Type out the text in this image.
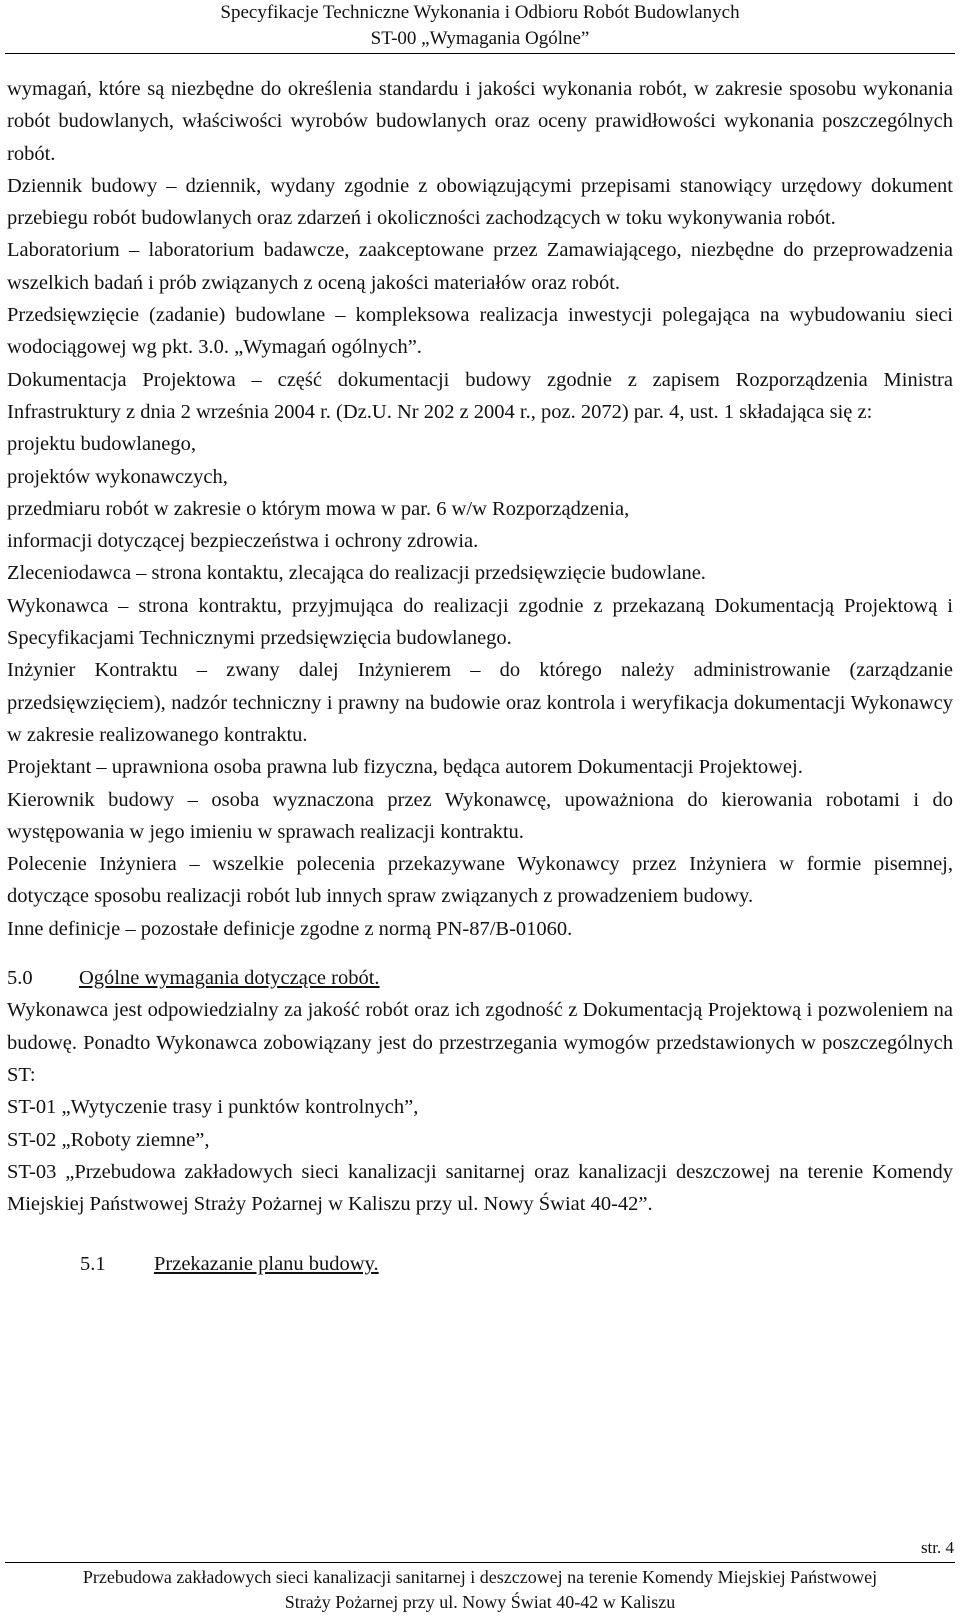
Specyfikacje Techniczne Wykonania i Odbioru Robót Budowlanych
ST-00 „Wymagania Ogólne”

wymagań, które są niezbędne do określenia standardu i jakości wykonania robót, w zakresie sposobu wykonania robót budowlanych, właściwości wyrobów budowlanych oraz oceny prawidłowości wykonania poszczególnych robót.

Dziennik budowy – dziennik, wydany zgodnie z obowiązującymi przepisami stanowiący urzędowy dokument przebiegu robót budowlanych oraz zdarzeń i okoliczności zachodzących w toku wykonywania robót.

Laboratorium – laboratorium badawcze, zaakceptowane przez Zamawiającego, niezbędne do przeprowadzenia wszelkich badań i prób związanych z oceną jakości materiałów oraz robót.

Przedsięwzięcie (zadanie) budowlane – kompleksowa realizacja inwestycji polegająca na wybudowaniu sieci wodociągowej wg pkt. 3.0. „Wymagań ogólnych”.

Dokumentacja Projektowa – część dokumentacji budowy zgodnie z zapisem Rozporządzenia Ministra Infrastruktury z dnia 2 września 2004 r. (Dz.U. Nr 202 z 2004 r., poz. 2072) par. 4, ust. 1 składająca się z:

projektu budowlanego,

projektów wykonawczych,

przedmiaru robót w zakresie o którym mowa w par. 6 w/w Rozporządzenia,

informacji dotyczącej bezpieczeństwa i ochrony zdrowia.

Zleceniodawca – strona kontaktu, zlecająca do realizacji przedsięwzięcie budowlane.

Wykonawca – strona kontraktu, przyjmująca do realizacji zgodnie z przekazaną Dokumentacją Projektową i Specyfikacjami Technicznymi przedsięwzięcia budowlanego.

Inżynier Kontraktu – zwany dalej Inżynierem – do którego należy administrowanie (zarządzanie przedsięwzięciem), nadzór techniczny i prawny na budowie oraz kontrola i weryfikacja dokumentacji Wykonawcy w zakresie realizowanego kontraktu.

Projektant – uprawniona osoba prawna lub fizyczna, będąca autorem Dokumentacji Projektowej.

Kierownik budowy – osoba wyznaczona przez Wykonawcę, upoważniona do kierowania robotami i do występowania w jego imieniu w sprawach realizacji kontraktu.

Polecenie Inżyniera – wszelkie polecenia przekazywane Wykonawcy przez Inżyniera w formie pisemnej, dotyczące sposobu realizacji robót lub innych spraw związanych z prowadzeniem budowy.

Inne definicje – pozostałe definicje zgodne z normą PN-87/B-01060.

5.0 Ogólne wymagania dotyczące robót.

Wykonawca jest odpowiedzialny za jakość robót oraz ich zgodność z Dokumentacją Projektową i pozwoleniem na budowę. Ponadto Wykonawca zobowiązany jest do przestrzegania wymogów przedstawionych w poszczególnych ST:

ST-01 „Wytyczenie trasy i punktów kontrolnych”,

ST-02 „Roboty ziemne”,

ST-03 „Przebudowa zakładowych sieci kanalizacji sanitarnej oraz kanalizacji deszczowej na terenie Komendy Miejskiej Państwowej Straży Pożarnej w Kaliszu przy ul. Nowy Świat 40-42”.

5.1 Przekazanie planu budowy.

str. 4
Przebudowa zakładowych sieci kanalizacji sanitarnej i deszczowej na terenie Komendy Miejskiej Państwowej
Straży Pożarnej przy ul. Nowy Świat 40-42 w Kaliszu
